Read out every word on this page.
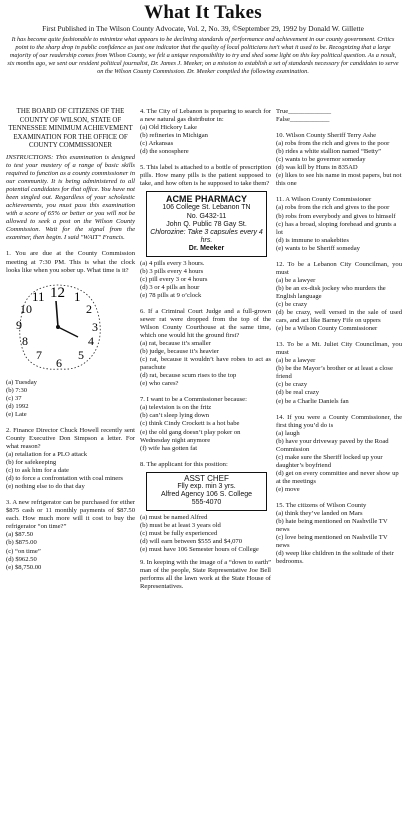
What It Takes
First Published in The Wilson County Advocate, Vol. 2, No. 39, ©September 29, 1992 by Donald W. Gillette
It has become quite fashionable to minimize what appears to be declining standards of performance and achievement in our county government. Critics point to the sharp drop in public confidence as just one indicator that the quality of local politicians isn't what it used to be. Recognizing that a large majority of our readership comes from Wilson County, we felt a unique responsibility to try and shed some light on this key political question. As a result, six months ago, we sent our resident political journalist, Dr. James J. Meeker, on a mission to establish a set of standards necessary for candidates to serve on the Wilson County Commission. Dr. Meeker compiled the following examination.

THE BOARD OF CITIZENS OF THE COUNTY OF WILSON, STATE OF TENNESSEE MINIMUM ACHIEVEMENT EXAMINATION FOR THE OFFICE OF COUNTY COMMISSIONER

INSTRUCTIONS: This examination is designed to test your mastery of a range of basic skills required to function as a county commissioner in our community. It is being administered to all potential candidates for that office. You have not been singled out. Regardless of your scholastic achievements, you must pass this examination with a score of 65% or better or you will not be allowed to seek a post on the Wilson County Commission. Wait for the signal from the examiner, then begin. I said "WAIT" Francis.

1. You are due at the County Commission meeting at 7:30 PM. This is what the clock looks like when you sober up. What time is it?

12 1
2
3
4
5
6
7
8
9
10
11

(a) Tuesday

(b) 7:30

(c) 37

(d) 1992

(e) Late

2. Finance Director Chuck Howell recently sent County Executive Don Simpson a letter. For what reason?

(a) retaliation for a PLO attack

(b) for safekeeping

(c) to ask him for a date

(d) to force a confrontation with coal miners

(e) nothing else to do that day

3. A new refrigerator can be purchased for either $875 cash or 11 monthly payments of $87.50 each. How much more will it cost to buy the refrigerator “on time?”

(a) $87.50

(b) $875.00

(c) “on time”

(d) $962.50

(e) $8,750.00

4. The City of Lebanon is preparing to search for a new natural gas distributor in:

(a) Old Hickory Lake

(b) refineries in Michigan

(c) Arkansas

(d) the sonosphere

5. This label is attached to a bottle of prescription pills. How many pills is the patient supposed to take, and how often is he supposed to take them?

ACME PHARMACY
106 College St. Lebanon TN
No. G432-11
John Q. Public 78 Gay St.
Chlorozine: Take 3 capsules every 4 hrs.
Dr. Meeker

(a) 4 pills every 3 hours.

(b) 3 pills every 4 hours

(c) pill every 3 or 4 hours

(d) 3 or 4 pills an hour

(e) 78 pills at 9 o’clock

6. If a Criminal Court Judge and a full-grown sewer rat were dropped from the top of the Wilson County Courthouse at the same time, which one would hit the ground first?

(a) rat, because it’s smaller

(b) judge, because it’s heavier

(c) rat, because it wouldn’t have robes to act as parachute

(d) rat, because scum rises to the top

(e) who cares?

7. I want to be a Commissioner because:

(a) television is on the fritz

(b) can’t sleep lying down

(c) think Cindy Crockett is a hot babe

(e) the old gang doesn’t play poker on Wednesday night anymore

(f) wife has gotten fat

8. The applicant for this position:

ASST CHEF
Flly exp. min 3 yrs.
Alfred Agency 106 S. College
555-4070

(a) must be named Alfred

(b) must be at least 3 years old

(c) must be fully experienced

(d) will earn between $555 and $4,070

(e) must have 106 Semester hours of College

9. In keeping with the image of a “down to earth” man of the people, State Representative Joe Bell performs all the lawn work at the State House of Representatives.

True_____________

False____________

10. Wilson County Sheriff Terry Ashe

(a) robs from the rich and gives to the poor

(b) rides a white stallion named “Betty”

(c) wants to be governor someday

(d) was kill by Huns in 835AD

(e) likes to see his name in most papers, but not this one

11. A Wilson County Commissioner

(a) robs from the rich and gives to the poor

(b) robs from everybody and gives to himself

(c) has a broad, sloping forehead and grunts a lot

(d) is immune to snakebites

(e) wants to be Sheriff someday

12. To be a Lebanon City Councilman, you must

(a) be a lawyer

(b) be an ex-disk jockey who murders the English language

(c) be crazy

(d) be crazy, well versed in the sale of used cars, and act like Barney Fife on uppers

(e) be a Wilson County Commissioner

13. To be a Mt. Juliet City Councilman, you must

(a) be a lawyer

(b) be the Mayor’s brother or at least a close friend

(c) be crazy

(d) be real crazy

(e) be a Charlie Daniels fan

14. If you were a County Commissioner, the first thing you’d do is

(a) laugh

(b) have your driveway paved by the Road Commission

(c) make sure the Sheriff locked up your daughter’s boyfriend

(d) get on every committee and never show up at the meetings

(e) move

15. The citizens of Wilson County

(a) think they’ve landed on Mars

(b) hate being mentioned on Nashville TV news

(c) love being mentioned on Nashville TV news

(d) weep like children in the solitude of their bedrooms.
